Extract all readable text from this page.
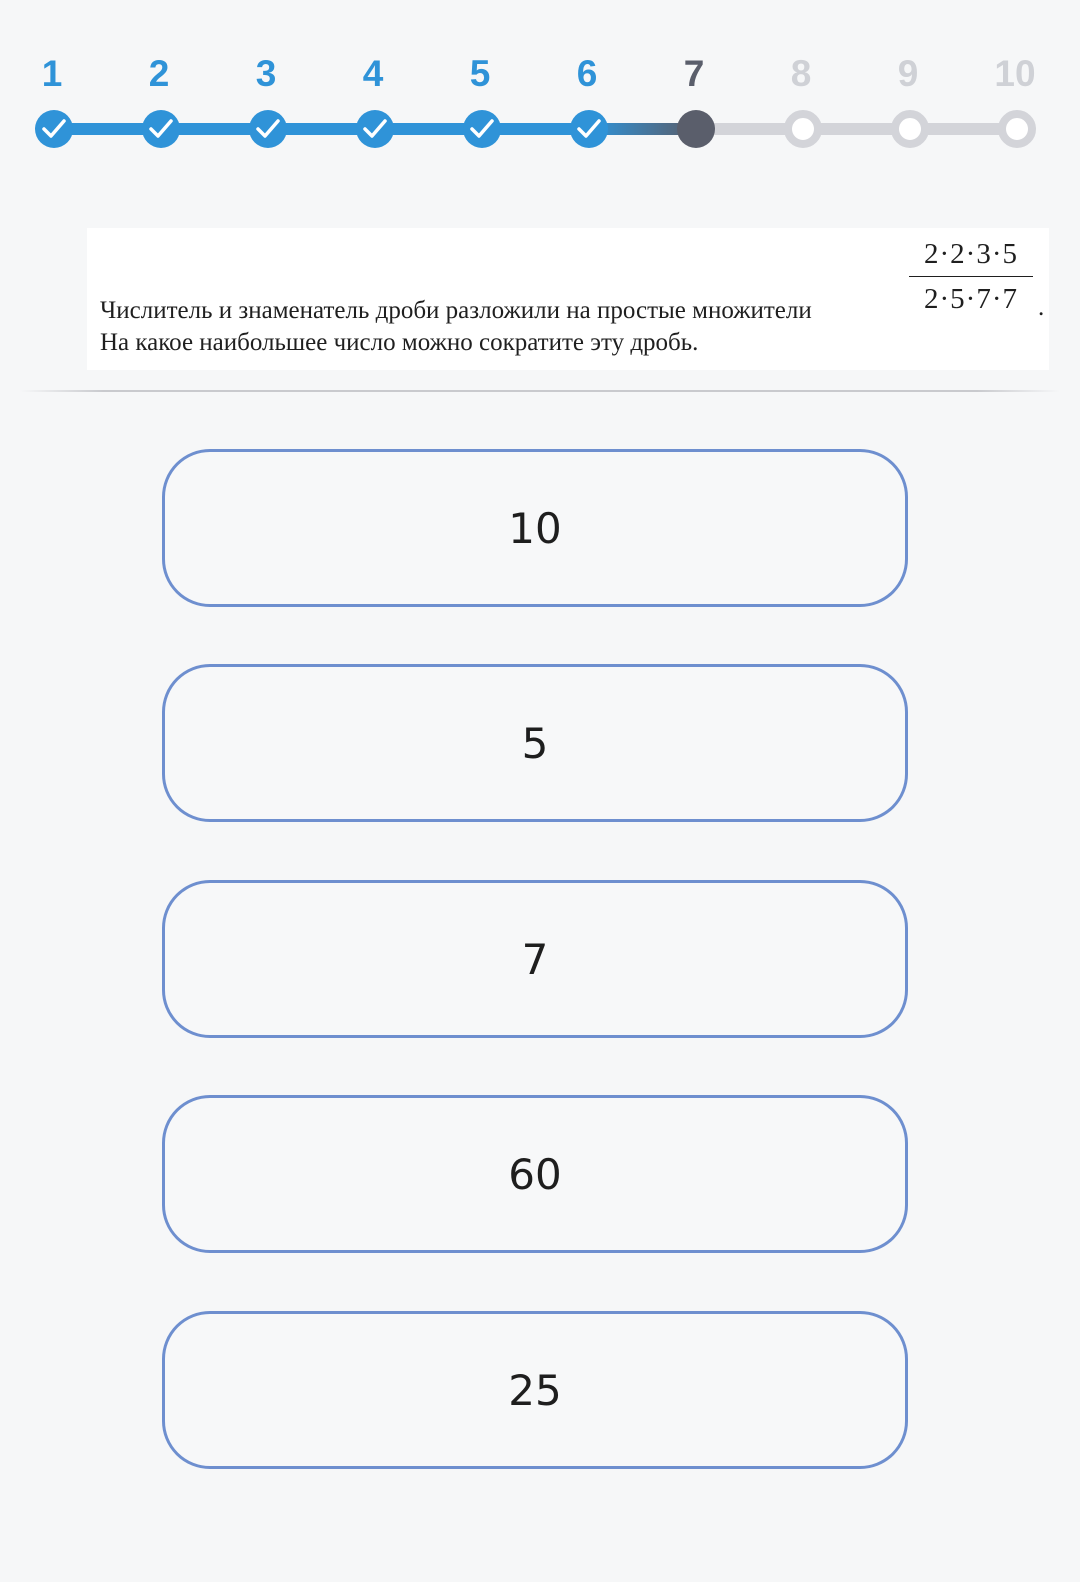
1	2	3	4	5	6	7	8	9	10
2·2·3·5
2·5·7·7 .
Числитель и знаменатель дроби разложили на простые множители
На какое наибольшее число можно сократите эту дробь.
10
5
7
60
25
